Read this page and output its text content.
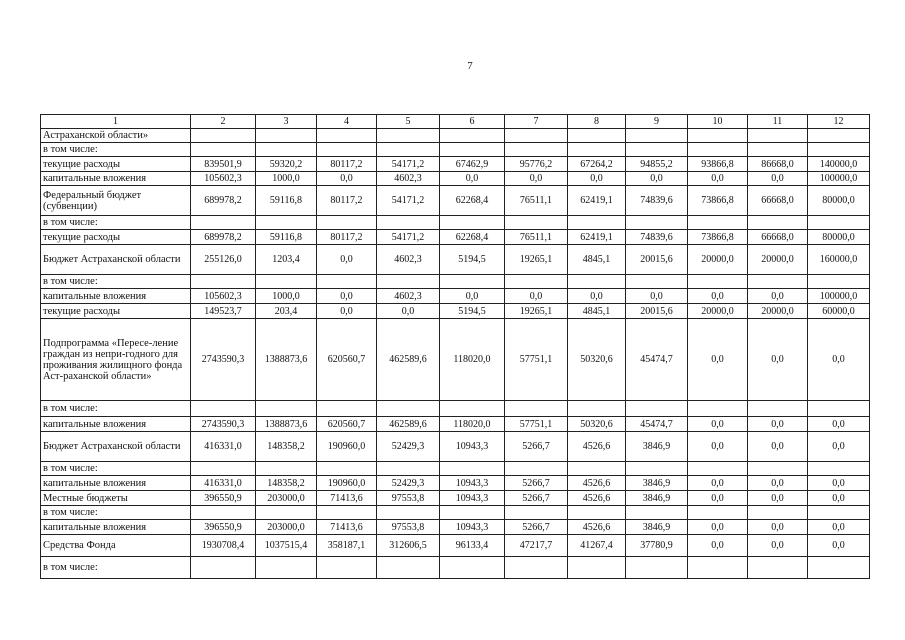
7
1	2	3	4	5	6	7	8	9	10	11	12
Астраханской области»											
в том числе:											
текущие расходы	839501,9	59320,2	80117,2	54171,2	67462,9	95776,2	67264,2	94855,2	93866,8	86668,0	140000,0
капитальные вложения	105602,3	1000,0	0,0	4602,3	0,0	0,0	0,0	0,0	0,0	0,0	100000,0
Федеральный бюджет (субвенции)	689978,2	59116,8	80117,2	54171,2	62268,4	76511,1	62419,1	74839,6	73866,8	66668,0	80000,0
в том числе:											
текущие расходы	689978,2	59116,8	80117,2	54171,2	62268,4	76511,1	62419,1	74839,6	73866,8	66668,0	80000,0
Бюджет Астраханской области	255126,0	1203,4	0,0	4602,3	5194,5	19265,1	4845,1	20015,6	20000,0	20000,0	160000,0
в том числе:											
капитальные вложения	105602,3	1000,0	0,0	4602,3	0,0	0,0	0,0	0,0	0,0	0,0	100000,0
текущие расходы	149523,7	203,4	0,0	0,0	5194,5	19265,1	4845,1	20015,6	20000,0	20000,0	60000,0
Подпрограмма «Пересе-ление граждан из непри-годного для проживания жилищного фонда Аст-раханской области»	2743590,3	1388873,6	620560,7	462589,6	118020,0	57751,1	50320,6	45474,7	0,0	0,0	0,0
в том числе:											
капитальные вложения	2743590,3	1388873,6	620560,7	462589,6	118020,0	57751,1	50320,6	45474,7	0,0	0,0	0,0
Бюджет Астраханской области	416331,0	148358,2	190960,0	52429,3	10943,3	5266,7	4526,6	3846,9	0,0	0,0	0,0
в том числе:											
капитальные вложения	416331,0	148358,2	190960,0	52429,3	10943,3	5266,7	4526,6	3846,9	0,0	0,0	0,0
Местные бюджеты	396550,9	203000,0	71413,6	97553,8	10943,3	5266,7	4526,6	3846,9	0,0	0,0	0,0
в том числе:											
капитальные вложения	396550,9	203000,0	71413,6	97553,8	10943,3	5266,7	4526,6	3846,9	0,0	0,0	0,0
Средства Фонда	1930708,4	1037515,4	358187,1	312606,5	96133,4	47217,7	41267,4	37780,9	0,0	0,0	0,0
в том числе:											
